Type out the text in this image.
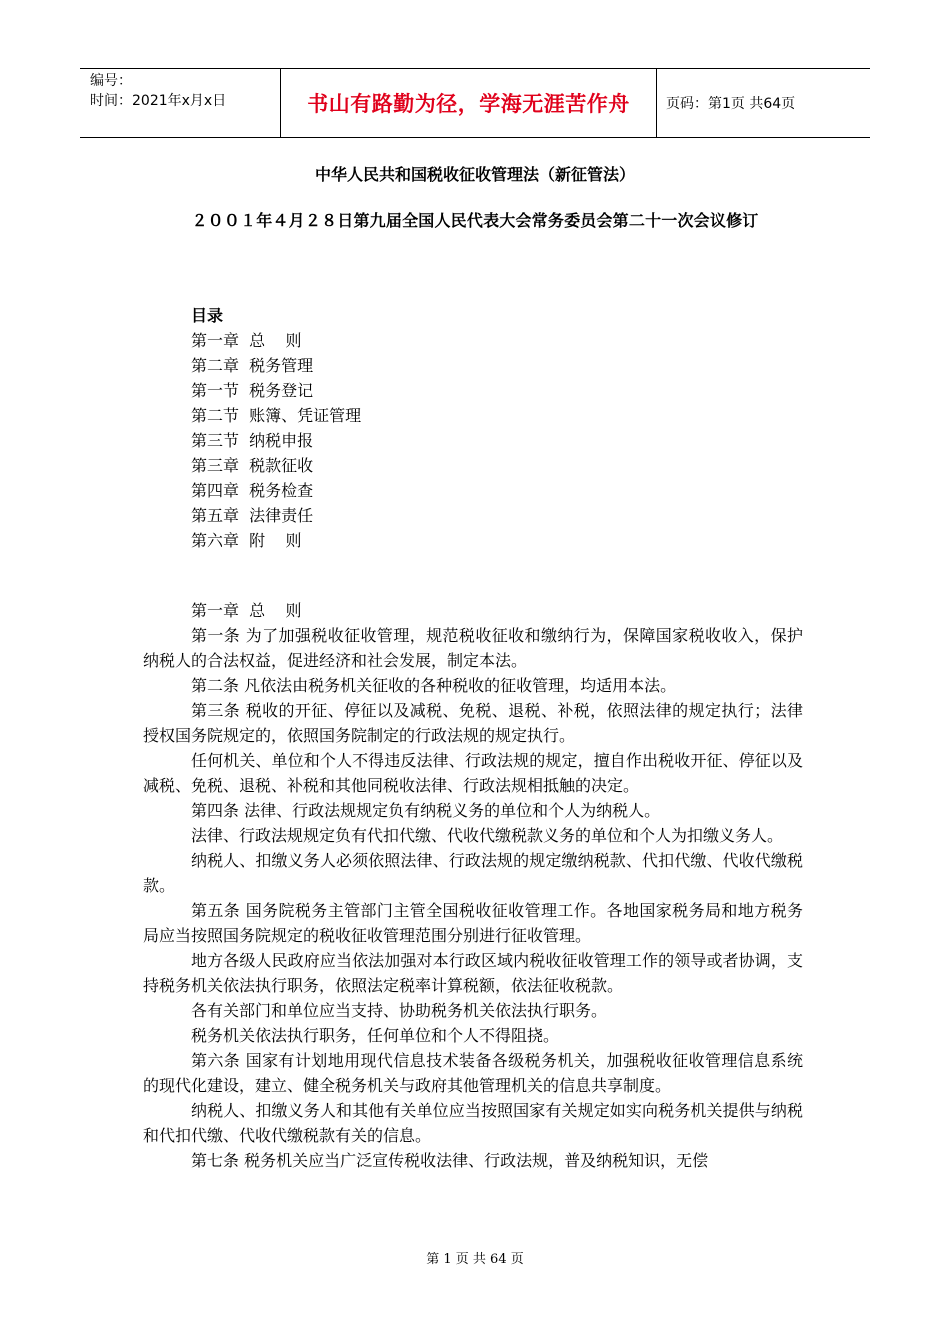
编号：
时间：2021年x月x日	书山有路勤为径，学海无涯苦作舟	页码：第1页 共64页
中华人民共和国税收征收管理法（新征管法）
２００１年４月２８日第九届全国人民代表大会常务委员会第二十一次会议修订
目录
第一章  总    则
第二章  税务管理
第一节  税务登记
第二节  账簿、凭证管理
第三节  纳税申报
第三章  税款征收
第四章  税务检查
第五章  法律责任
第六章  附    则

第一章  总    则

第一条 为了加强税收征收管理，规范税收征收和缴纳行为，保障国家税收收入，保护纳税人的合法权益，促进经济和社会发展，制定本法。

第二条 凡依法由税务机关征收的各种税收的征收管理，均适用本法。

第三条 税收的开征、停征以及减税、免税、退税、补税，依照法律的规定执行；法律授权国务院规定的，依照国务院制定的行政法规的规定执行。

任何机关、单位和个人不得违反法律、行政法规的规定，擅自作出税收开征、停征以及减税、免税、退税、补税和其他同税收法律、行政法规相抵触的决定。

第四条 法律、行政法规规定负有纳税义务的单位和个人为纳税人。

法律、行政法规规定负有代扣代缴、代收代缴税款义务的单位和个人为扣缴义务人。

纳税人、扣缴义务人必须依照法律、行政法规的规定缴纳税款、代扣代缴、代收代缴税款。

第五条 国务院税务主管部门主管全国税收征收管理工作。各地国家税务局和地方税务局应当按照国务院规定的税收征收管理范围分别进行征收管理。

地方各级人民政府应当依法加强对本行政区域内税收征收管理工作的领导或者协调，支持税务机关依法执行职务，依照法定税率计算税额，依法征收税款。

各有关部门和单位应当支持、协助税务机关依法执行职务。

税务机关依法执行职务，任何单位和个人不得阻挠。

第六条 国家有计划地用现代信息技术装备各级税务机关，加强税收征收管理信息系统的现代化建设，建立、健全税务机关与政府其他管理机关的信息共享制度。

纳税人、扣缴义务人和其他有关单位应当按照国家有关规定如实向税务机关提供与纳税和代扣代缴、代收代缴税款有关的信息。

第七条 税务机关应当广泛宣传税收法律、行政法规，普及纳税知识，无偿

第 1 页 共 64 页
